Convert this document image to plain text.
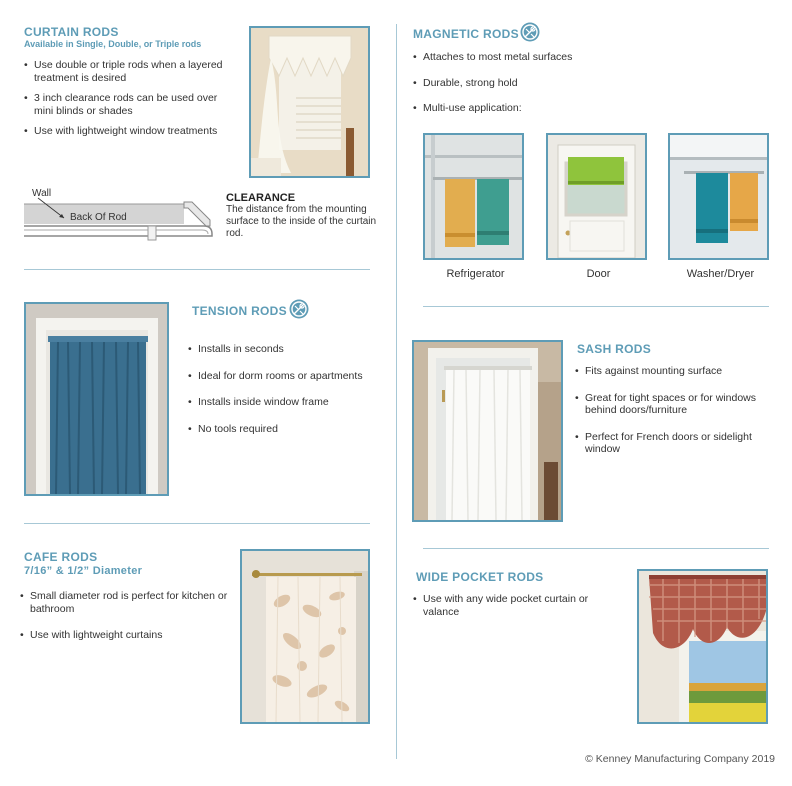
CURTAIN RODS
Available in Single, Double, or Triple rods
• Use double or triple rods when a layered treatment is desired
• 3 inch clearance rods can be used over mini blinds or shades
• Use with lightweight window treatments
Wall
Back Of Rod
CLEARANCE
The distance from the mounting surface to the inside of the curtain rod.
MAGNETIC RODS
• Attaches to most metal surfaces
• Durable, strong hold
• Multi-use application:
Refrigerator	Door	Washer/Dryer
TENSION RODS
• Installs in seconds
• Ideal for dorm rooms or apartments
• Installs inside window frame
• No tools required
SASH RODS
• Fits against mounting surface
• Great for tight spaces or for windows behind doors/furniture
• Perfect for French doors or sidelight window
CAFE RODS
7/16” & 1/2” Diameter
• Small diameter rod is perfect for kitchen or bathroom
• Use with lightweight curtains
WIDE POCKET RODS
• Use with any wide pocket curtain or valance
© Kenney Manufacturing Company 2019
